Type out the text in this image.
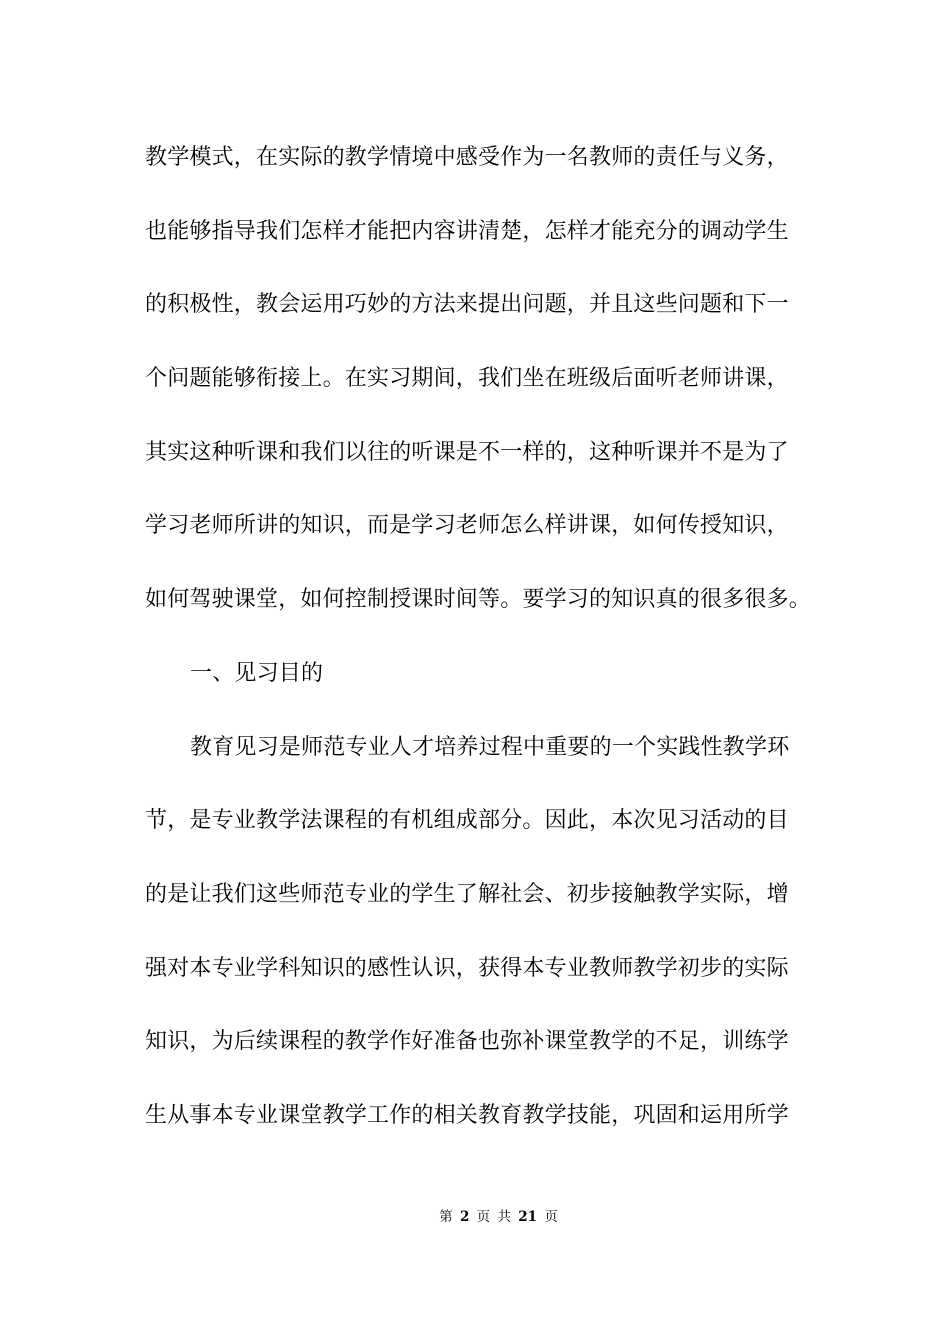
教学模式，在实际的教学情境中感受作为一名教师的责任与义务，
也能够指导我们怎样才能把内容讲清楚，怎样才能充分的调动学生
的积极性，教会运用巧妙的方法来提出问题，并且这些问题和下一
个问题能够衔接上。在实习期间，我们坐在班级后面听老师讲课，
其实这种听课和我们以往的听课是不一样的，这种听课并不是为了
学习老师所讲的知识，而是学习老师怎么样讲课，如何传授知识，
如何驾驶课堂，如何控制授课时间等。要学习的知识真的很多很多。
一、见习目的
教育见习是师范专业人才培养过程中重要的一个实践性教学环
节，是专业教学法课程的有机组成部分。因此，本次见习活动的目
的是让我们这些师范专业的学生了解社会、初步接触教学实际，增
强对本专业学科知识的感性认识，获得本专业教师教学初步的实际
知识，为后续课程的教学作好准备也弥补课堂教学的不足，训练学
生从事本专业课堂教学工作的相关教育教学技能，巩固和运用所学
第 2 页 共 21 页
